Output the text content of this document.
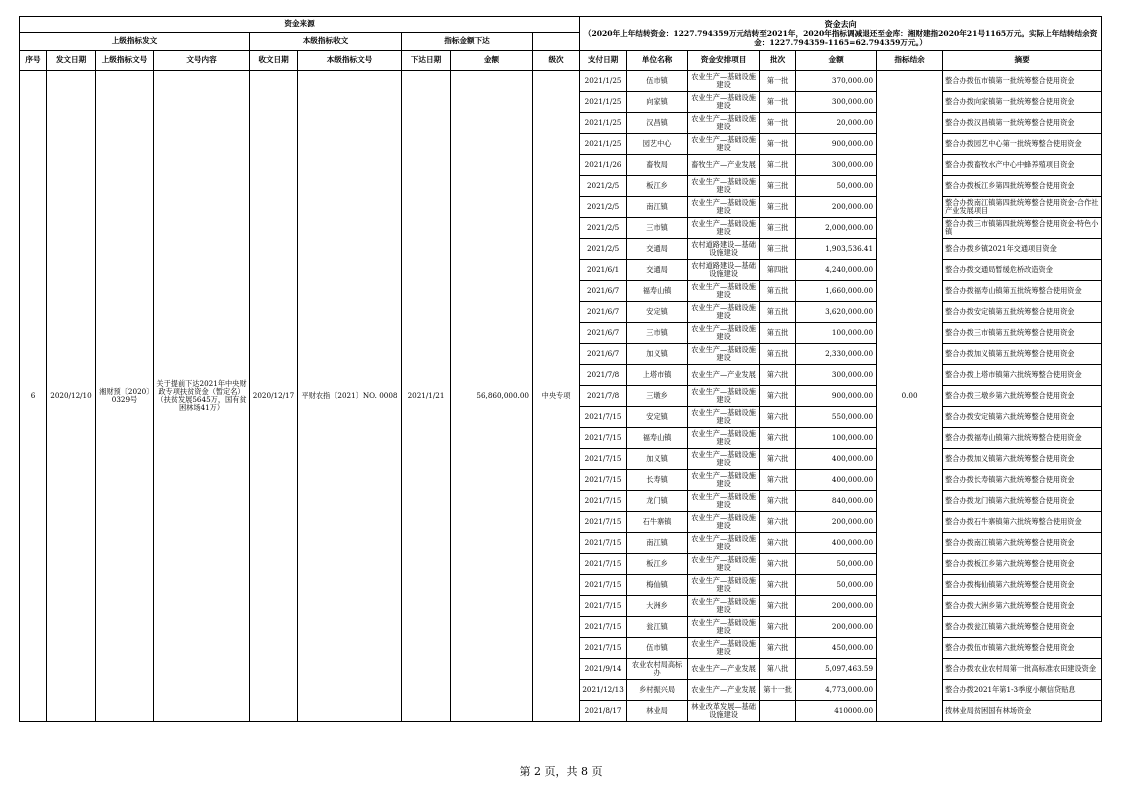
资金来源									资金去向
（2020年上年结转资金：1227.794359万元结转至2021年，2020年指标调减退还至金库：湘财建指2020年21号1165万元。实际上年结转结余资金：1227.794359-1165=62.794359万元。）						

上级指标发文				本级指标收文		指标金额下达									
序号	发文日期	上级指标文号	文号内容	收文日期	本级指标文号	下达日期	金额	级次	支付日期	单位名称	资金安排项目	批次	金额	指标结余	摘要
6	2020/12/10	湘财预〔2020〕0329号	关于提前下达2021年中央财政专项扶贫资金（暂定名）（扶贫发展5645万，国有贫困林场41万）	2020/12/17	平财农指〔2021〕NO. 0008	2021/1/21	56,860,000.00	中央专项	2021/1/25	伍市镇	农业生产—基础设施建设	第一批	370,000.00	0.00	整合办拨伍市镇第一批统筹整合使用资金
									2021/1/25	向家镇	农业生产—基础设施建设	第一批	300,000.00		整合办拨向家镇第一批统筹整合使用资金
									2021/1/25	汉昌镇	农业生产—基础设施建设	第一批	20,000.00		整合办拨汉昌镇第一批统筹整合使用资金
									2021/1/25	园艺中心	农业生产—基础设施建设	第一批	900,000.00		整合办拨园艺中心第一批统筹整合使用资金
									2021/1/26	畜牧局	畜牧生产—产业发展	第二批	300,000.00		整合办拨畜牧水产中心中蜂养殖项目资金
									2021/2/5	板江乡	农业生产—基础设施建设	第三批	50,000.00		整合办拨板江乡第四批统筹整合使用资金
									2021/2/5	南江镇	农业生产—基础设施建设	第三批	200,000.00		整合办拨南江镇第四批统筹整合使用资金-合作社产业发展项目
									2021/2/5	三市镇	农业生产—基础设施建设	第三批	2,000,000.00		整合办拨三市镇第四批统筹整合使用资金-特色小镇
									2021/2/5	交通局	农村道路建设—基础设施建设	第三批	1,903,536.41		整合办拨乡镇2021年交通项目资金
									2021/6/1	交通局	农村道路建设—基础设施建设	第四批	4,240,000.00		整合办拨交通局暂缓危桥改造资金
									2021/6/7	福寿山镇	农业生产—基础设施建设	第五批	1,660,000.00		整合办拨福寿山镇第五批统筹整合使用资金
									2021/6/7	安定镇	农业生产—基础设施建设	第五批	3,620,000.00		整合办拨安定镇第五批统筹整合使用资金
									2021/6/7	三市镇	农业生产—基础设施建设	第五批	100,000.00		整合办拨三市镇第五批统筹整合使用资金
									2021/6/7	加义镇	农业生产—基础设施建设	第五批	2,330,000.00		整合办拨加义镇第五批统筹整合使用资金
									2021/7/8	上塔市镇	农业生产—产业发展	第六批	300,000.00		整合办拨上塔市镇第六批统筹整合使用资金
									2021/7/8	三墩乡	农业生产—基础设施建设	第六批	900,000.00		整合办拨三墩乡第六批统筹整合使用资金
									2021/7/15	安定镇	农业生产—基础设施建设	第六批	550,000.00		整合办拨安定镇第六批统筹整合使用资金
									2021/7/15	福寿山镇	农业生产—基础设施建设	第六批	100,000.00		整合办拨福寿山镇第六批统筹整合使用资金
									2021/7/15	加义镇	农业生产—基础设施建设	第六批	400,000.00		整合办拨加义镇第六批统筹整合使用资金
									2021/7/15	长寿镇	农业生产—基础设施建设	第六批	400,000.00		整合办拨长寿镇第六批统筹整合使用资金
									2021/7/15	龙门镇	农业生产—基础设施建设	第六批	840,000.00		整合办拨龙门镇第六批统筹整合使用资金
									2021/7/15	石牛寨镇	农业生产—基础设施建设	第六批	200,000.00		整合办拨石牛寨镇第六批统筹整合使用资金
									2021/7/15	南江镇	农业生产—基础设施建设	第六批	400,000.00		整合办拨南江镇第六批统筹整合使用资金
									2021/7/15	板江乡	农业生产—基础设施建设	第六批	50,000.00		整合办拨板江乡第六批统筹整合使用资金
									2021/7/15	梅仙镇	农业生产—基础设施建设	第六批	50,000.00		整合办拨梅仙镇第六批统筹整合使用资金
									2021/7/15	大洲乡	农业生产—基础设施建设	第六批	200,000.00		整合办拨大洲乡第六批统筹整合使用资金
									2021/7/15	瓮江镇	农业生产—基础设施建设	第六批	200,000.00		整合办拨瓮江镇第六批统筹整合使用资金
									2021/7/15	伍市镇	农业生产—基础设施建设	第六批	450,000.00		整合办拨伍市镇第六批统筹整合使用资金
									2021/9/14	农业农村局高标办	农业生产—产业发展	第八批	5,097,463.59		整合办拨农业农村局第一批高标准农田建设资金
									2021/12/13	乡村振兴局	农业生产—产业发展	第十一批	4,773,000.00		整合办拨2021年第1-3季度小额信贷贴息
									2021/8/17	林业局	林业改革发展—基础设施建设		410000.00		拨林业局贫困国有林场资金
第 2 页，共 8 页
